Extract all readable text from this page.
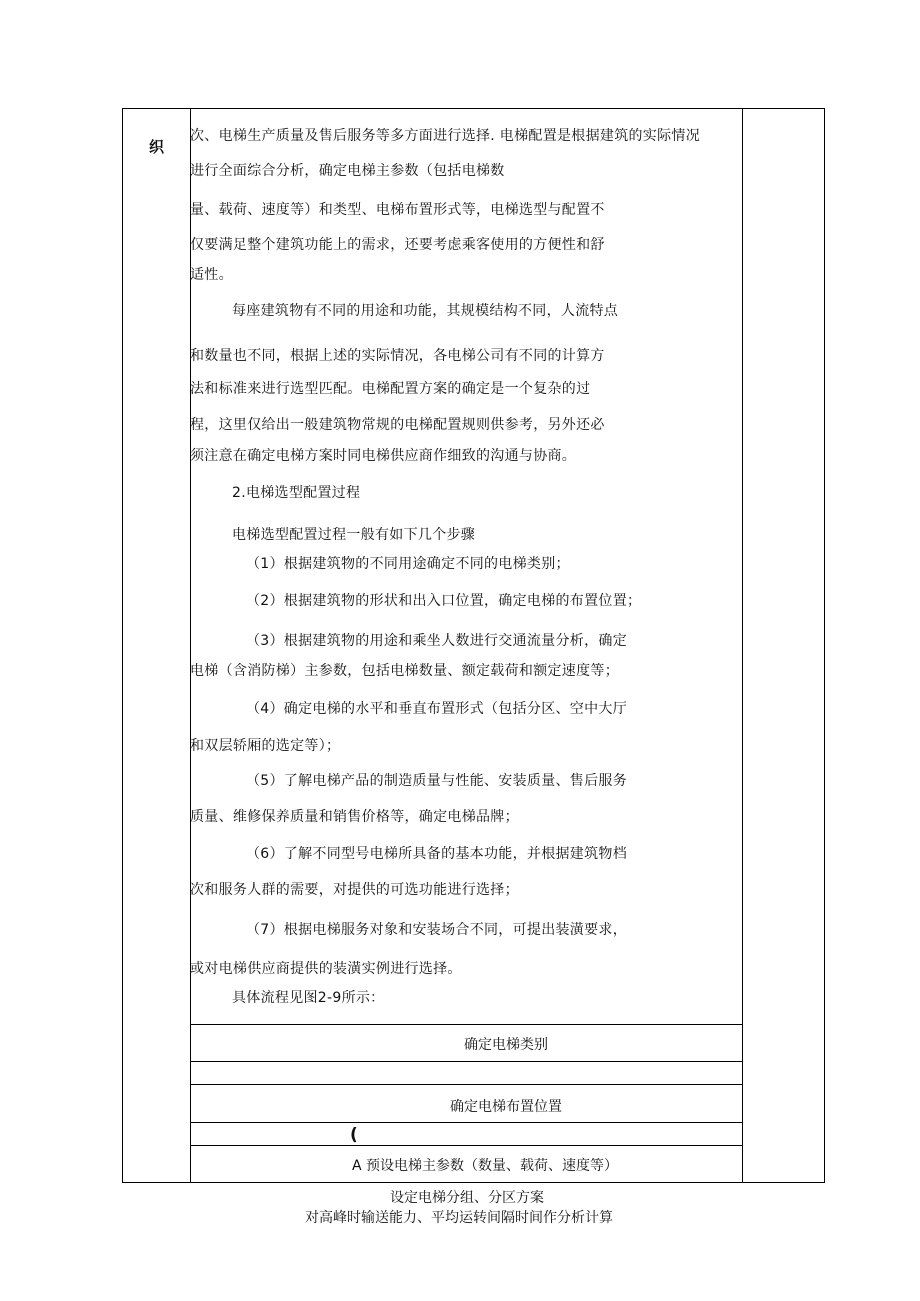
织
次、电梯生产质量及售后服务等多方面进行选择. 电梯配置是根据建筑的实际情况
进行全面综合分析，确定电梯主参数（包括电梯数
量、载荷、速度等）和类型、电梯布置形式等，电梯选型与配置不
仅要满足整个建筑功能上的需求，还要考虑乘客使用的方便性和舒
适性。
每座建筑物有不同的用途和功能，其规模结构不同，人流特点
和数量也不同，根据上述的实际情况，各电梯公司有不同的计算方
法和标准来进行选型匹配。电梯配置方案的确定是一个复杂的过
程，这里仅给出一般建筑物常规的电梯配置规则供参考，另外还必
须注意在确定电梯方案时同电梯供应商作细致的沟通与协商。
2.电梯选型配置过程
电梯选型配置过程一般有如下几个步骤
（1）根据建筑物的不同用途确定不同的电梯类别；
（2）根据建筑物的形状和出入口位置，确定电梯的布置位置；
（3）根据建筑物的用途和乘坐人数进行交通流量分析，确定
电梯（含消防梯）主参数，包括电梯数量、额定载荷和额定速度等；
（4）确定电梯的水平和垂直布置形式（包括分区、空中大厅
和双层轿厢的选定等）；
（5）了解电梯产品的制造质量与性能、安装质量、售后服务
质量、维修保养质量和销售价格等，确定电梯品牌；
（6）了解不同型号电梯所具备的基本功能，并根据建筑物档
次和服务人群的需要，对提供的可选功能进行选择；
（7）根据电梯服务对象和安装场合不同，可提出装潢要求，
或对电梯供应商提供的装潢实例进行选择。
具体流程见图2-9所示：
确定电梯类别
确定电梯布置位置
(
A 预设电梯主参数（数量、载荷、速度等）
设定电梯分组、分区方案
对高峰时输送能力、平均运转间隔时间作分析计算
